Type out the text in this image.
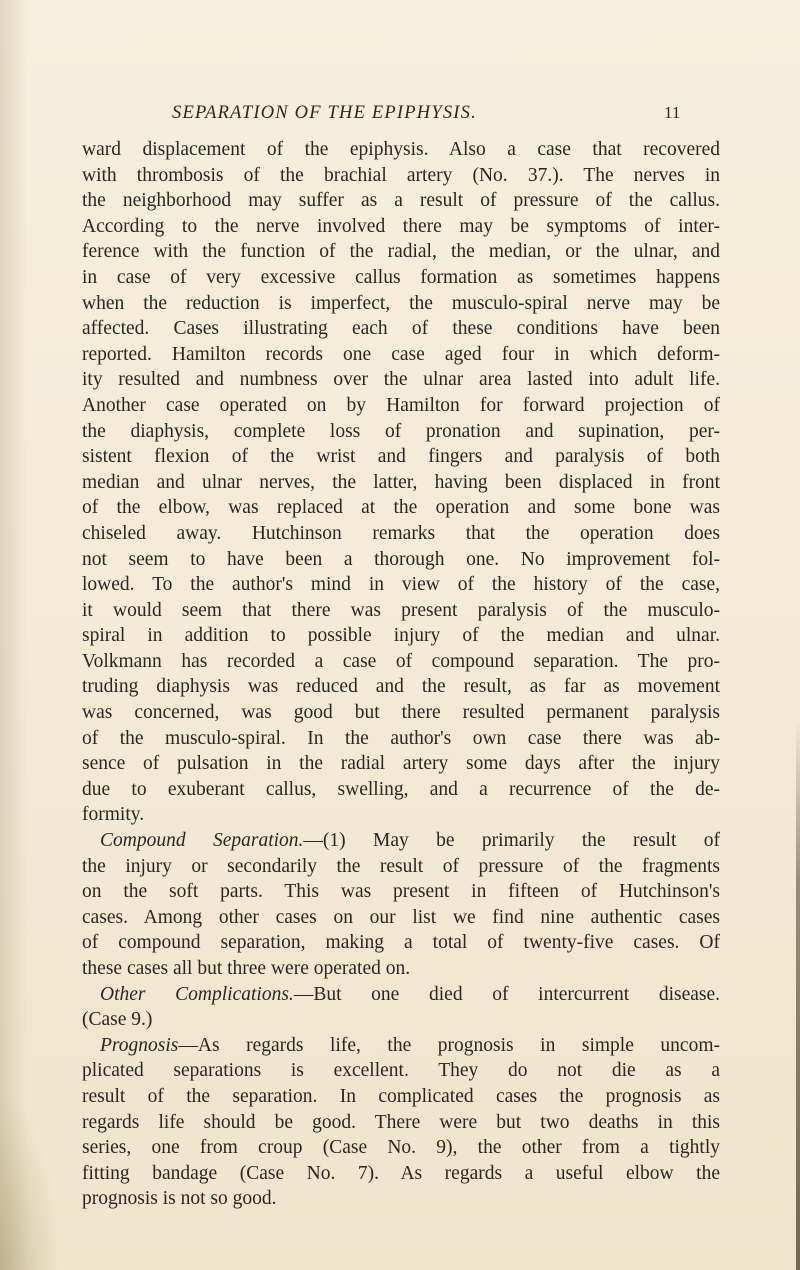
SEPARATION OF THE EPIPHYSIS.	11
ward displacement of the epiphysis. Also a case that recovered
with thrombosis of the brachial artery (No. 37.). The nerves in
the neighborhood may suffer as a result of pressure of the callus.
According to the nerve involved there may be symptoms of inter-
ference with the function of the radial, the median, or the ulnar, and
in case of very excessive callus formation as sometimes happens
when the reduction is imperfect, the musculo-spiral nerve may be
affected. Cases illustrating each of these conditions have been
reported. Hamilton records one case aged four in which deform-
ity resulted and numbness over the ulnar area lasted into adult life.
Another case operated on by Hamilton for forward projection of
the diaphysis, complete loss of pronation and supination, per-
sistent flexion of the wrist and fingers and paralysis of both
median and ulnar nerves, the latter, having been displaced in front
of the elbow, was replaced at the operation and some bone was
chiseled away. Hutchinson remarks that the operation does
not seem to have been a thorough one. No improvement fol-
lowed. To the author's mind in view of the history of the case,
it would seem that there was present paralysis of the musculo-
spiral in addition to possible injury of the median and ulnar.
Volkmann has recorded a case of compound separation. The pro-
truding diaphysis was reduced and the result, as far as movement
was concerned, was good but there resulted permanent paralysis
of the musculo-spiral. In the author's own case there was ab-
sence of pulsation in the radial artery some days after the injury
due to exuberant callus, swelling, and a recurrence of the de-
formity.
Compound Separation.—(1) May be primarily the result of
the injury or secondarily the result of pressure of the fragments
on the soft parts. This was present in fifteen of Hutchinson's
cases. Among other cases on our list we find nine authentic cases
of compound separation, making a total of twenty-five cases. Of
these cases all but three were operated on.
Other Complications.—But one died of intercurrent disease.
(Case 9.)
Prognosis—As regards life, the prognosis in simple uncom-
plicated separations is excellent. They do not die as a
result of the separation. In complicated cases the prognosis as
regards life should be good. There were but two deaths in this
series, one from croup (Case No. 9), the other from a tightly
fitting bandage (Case No. 7). As regards a useful elbow the
prognosis is not so good.
